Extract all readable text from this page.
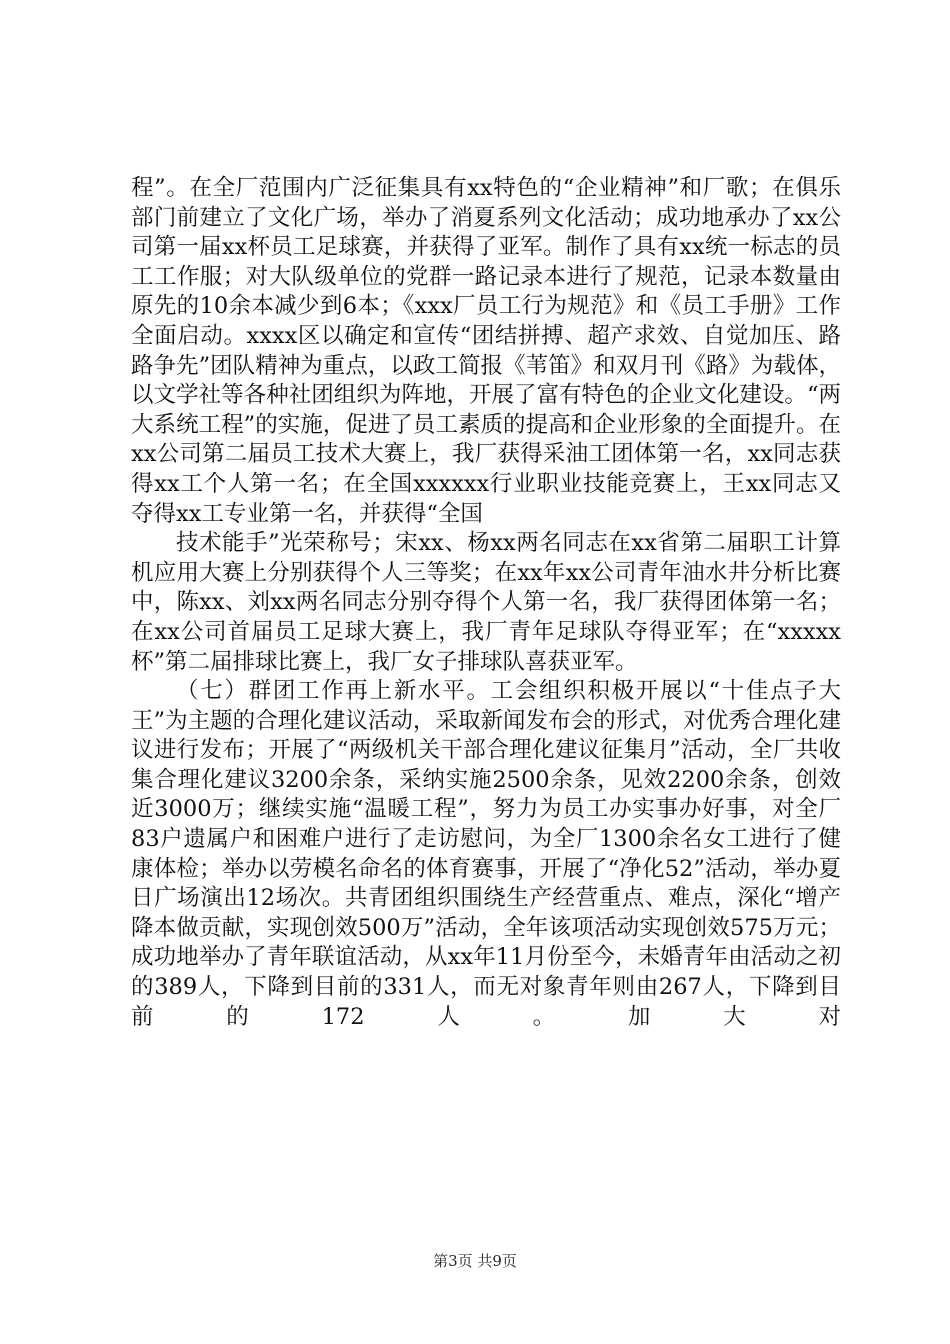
程”。在全厂范围内广泛征集具有xx特色的“企业精神”和厂歌；在俱乐部门前建立了文化广场，举办了消夏系列文化活动；成功地承办了xx公司第一届xx杯员工足球赛，并获得了亚军。制作了具有xx统一标志的员工工作服；对大队级单位的党群一路记录本进行了规范，记录本数量由原先的10余本减少到6本；《xxx厂员工行为规范》和《员工手册》工作全面启动。xxxx区以确定和宣传“团结拼搏、超产求效、自觉加压、路路争先”团队精神为重点，以政工简报《苇笛》和双月刊《路》为载体，以文学社等各种社团组织为阵地，开展了富有特色的企业文化建设。“两大系统工程”的实施，促进了员工素质的提高和企业形象的全面提升。在xx公司第二届员工技术大赛上，我厂获得采油工团体第一名，xx同志获得xx工个人第一名；在全国xxxxxx行业职业技能竞赛上，王xx同志又夺得xx工专业第一名，并获得“全国

技术能手”光荣称号；宋xx、杨xx两名同志在xx省第二届职工计算机应用大赛上分别获得个人三等奖；在xx年xx公司青年油水井分析比赛中，陈xx、刘xx两名同志分别夺得个人第一名，我厂获得团体第一名；在xx公司首届员工足球大赛上，我厂青年足球队夺得亚军；在“xxxxx杯”第二届排球比赛上，我厂女子排球队喜获亚军。

（七）群团工作再上新水平。工会组织积极开展以“十佳点子大王”为主题的合理化建议活动，采取新闻发布会的形式，对优秀合理化建议进行发布；开展了“两级机关干部合理化建议征集月”活动，全厂共收集合理化建议3200余条，采纳实施2500余条，见效2200余条，创效近3000万；继续实施“温暖工程”，努力为员工办实事办好事，对全厂83户遗属户和困难户进行了走访慰问，为全厂1300余名女工进行了健康体检；举办以劳模名命名的体育赛事，开展了“净化52”活动，举办夏日广场演出12场次。共青团组织围绕生产经营重点、难点，深化“增产降本做贡献，实现创效500万”活动，全年该项活动实现创效575万元；成功地举办了青年联谊活动，从xx年11月份至今，未婚青年由活动之初的389人，下降到目前的331人，而无对象青年则由267人，下降到目前的172人。加大对

第3页 共9页
